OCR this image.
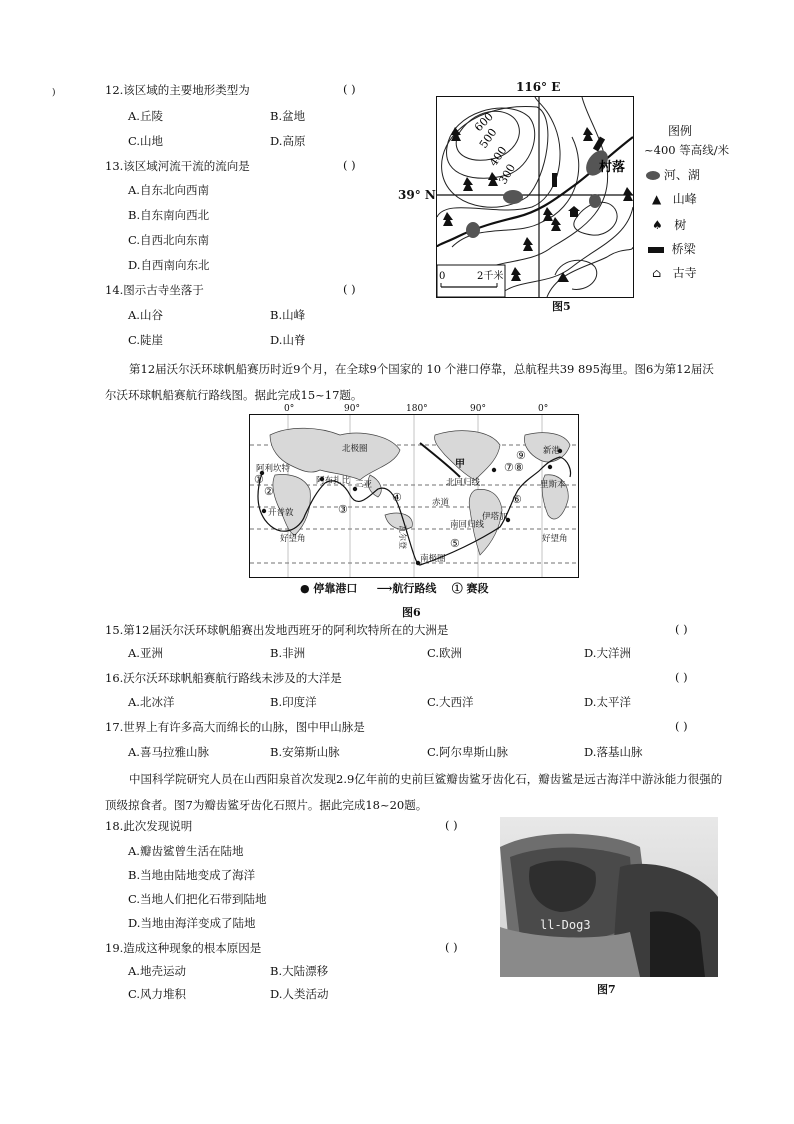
)	12.该区域的主要地形类型为	( )
A.丘陵	B.盆地
C.山地	D.高原
13.该区域河流干流的流向是	( )
A.自东北向西南
B.自东南向西北
C.自西北向东南
D.自西南向东北
14.图示古寺坐落于	( )
A.山谷	B.山峰
C.陡崖	D.山脊
116° E
39° N
600
500
400
300	村落
0	2千米
图5
图例
~400 等高线/米
河、湖
▲ 山峰
♠ 树
桥梁
⌂ 古寺
第12届沃尔沃环球帆船赛历时近9个月，在全球9个国家的 10 个港口停靠，总航程共39 895海里。图6为第12届沃尔沃环球帆船赛航行路线图。据此完成15~17题。
0°	90°	180°	90°	0°
北极圈
阿利坎特
阿布扎比 三亚	北回归线
赤道
南回归线
南极圈
开普敦
好望角
伊塔加
甲
新港
里斯本
好望角
瓦尔登
①
②
③
④
⑤
⑥
⑦ ⑧
⑨
● 停靠港口 ⟶航行路线 ① 赛段
图6
15.第12届沃尔沃环球帆船赛出发地西班牙的阿利坎特所在的大洲是	( )
A.亚洲	B.非洲	C.欧洲	D.大洋洲
16.沃尔沃环球帆船赛航行路线未涉及的大洋是	( )
A.北冰洋	B.印度洋	C.大西洋	D.太平洋
17.世界上有许多高大而绵长的山脉，图中甲山脉是	( )
A.喜马拉雅山脉	B.安第斯山脉	C.阿尔卑斯山脉	D.落基山脉
中国科学院研究人员在山西阳泉首次发现2.9亿年前的史前巨鲨瓣齿鲨牙齿化石，瓣齿鲨是远古海洋中游泳能力很强的顶级掠食者。图7为瓣齿鲨牙齿化石照片。据此完成18~20题。
18.此次发现说明	( )
A.瓣齿鲨曾生活在陆地
B.当地由陆地变成了海洋
C.当地人们把化石带到陆地
D.当地由海洋变成了陆地
19.造成这种现象的根本原因是	( )
A.地壳运动	B.大陆漂移
C.风力堆积	D.人类活动
ll-Dog3
图7
